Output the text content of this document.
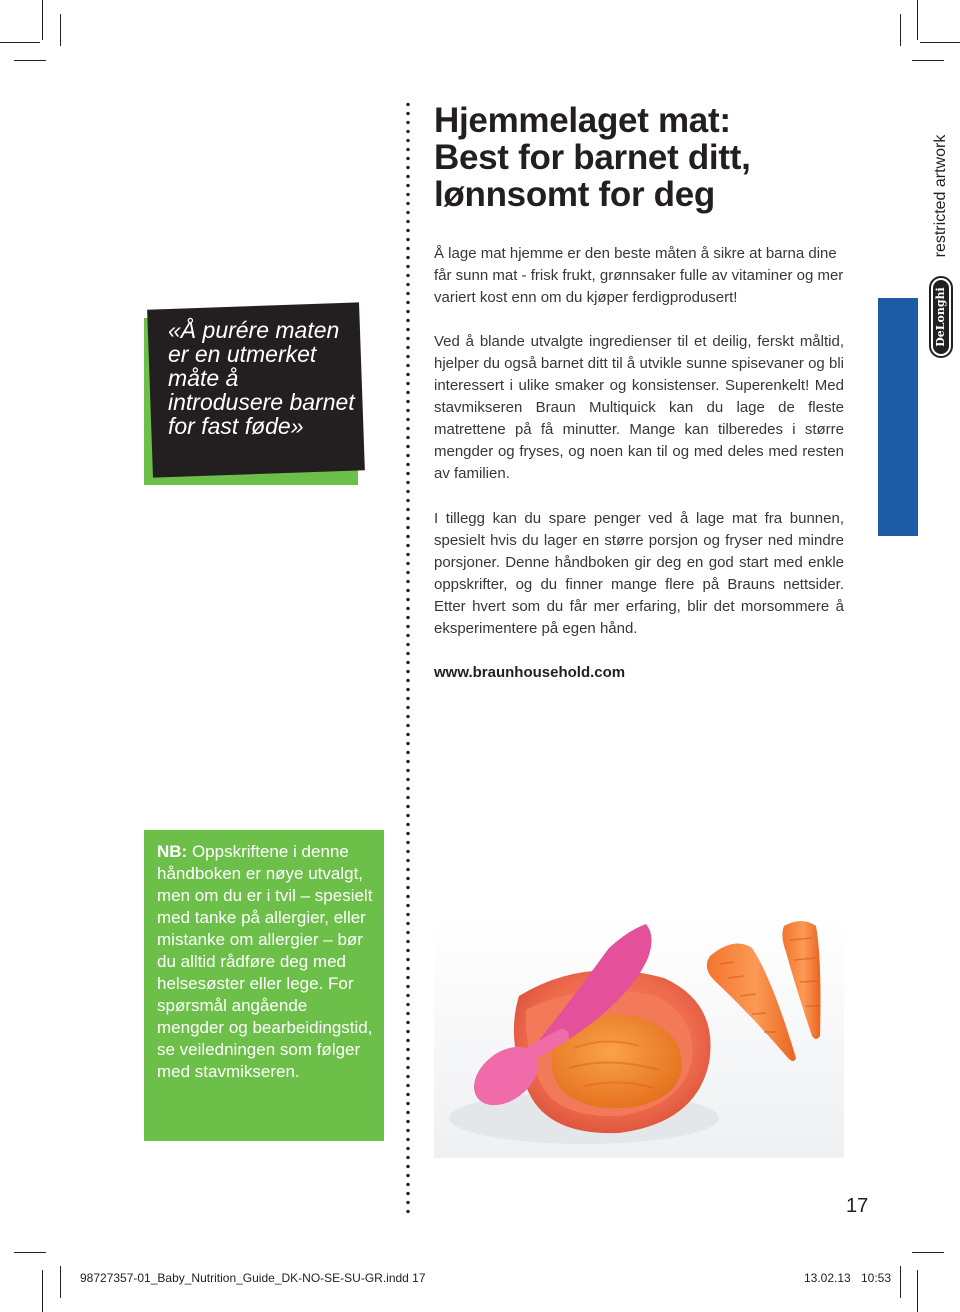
«Å purére maten er en utmerket måte å introdusere barnet for fast føde»

Hjemmelaget mat:
Best for barnet ditt,
lønnsomt for deg

Å lage mat hjemme er den beste måten å sikre at barna dine får sunn mat - frisk frukt, grønnsaker fulle av vitaminer og mer variert kost enn om du kjøper ferdigprodusert!

Ved å blande utvalgte ingredienser til et deilig, ferskt måltid, hjelper du også barnet ditt til å utvikle sunne spisevaner og bli interessert i ulike smaker og konsistenser. Superenkelt! Med stavmikseren Braun Multiquick kan du lage de fleste matrettene på få minutter. Mange kan tilberedes i større mengder og fryses, og noen kan til og med deles med resten av familien.

I tillegg kan du spare penger ved å lage mat fra bunnen, spesielt hvis du lager en større porsjon og fryser ned mindre porsjoner. Denne håndboken gir deg en god start med enkle oppskrifter, og du finner mange flere på Brauns nettsider. Etter hvert som du får mer erfaring, blir det morsommere å eksperimentere på egen hånd.

www.braunhousehold.com

restricted artwork

DeLonghi

NB: Oppskriftene i denne håndboken er nøye utvalgt, men om du er i tvil – spesielt med tanke på allergier, eller mistanke om allergier – bør du alltid rådføre deg med helsesøster eller lege. For spørsmål angående mengder og bearbeidingstid, se veiledningen som følger med stavmikseren.

17

98727357-01_Baby_Nutrition_Guide_DK-NO-SE-SU-GR.indd 17	13.02.13 10:53
